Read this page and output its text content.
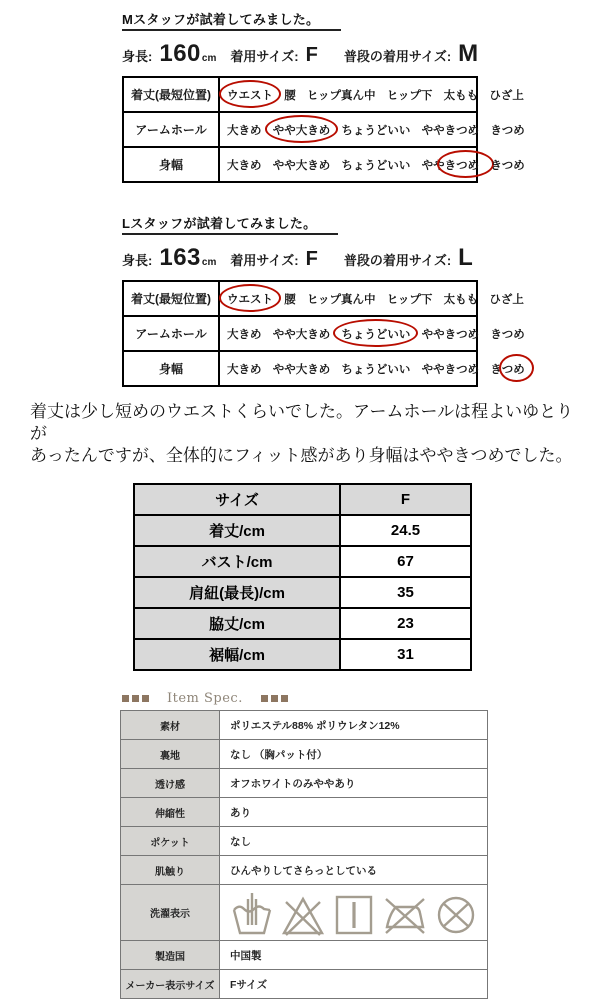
Mスタッフが試着してみました。
身長: 160 cm 着用サイズ: F 普段の着用サイズ: M
着丈(最短位置)	ウエスト 腰 ヒップ真ん中 ヒップ下 太もも ひざ上
アームホール	大きめ やや大きめ ちょうどいい ややきつめ きつめ
身幅	大きめ やや大きめ ちょうどいい ややきつめ きつめ
Lスタッフが試着してみました。
身長: 163 cm 着用サイズ: F 普段の着用サイズ: L
着丈(最短位置)	ウエスト 腰 ヒップ真ん中 ヒップ下 太もも ひざ上
アームホール	大きめ やや大きめ ちょうどいい ややきつめ きつめ
身幅	大きめ やや大きめ ちょうどいい ややきつめ きつめ
着丈は少し短めのウエストくらいでした。アームホールは程よいゆとりが
あったんですが、全体的にフィット感があり身幅はややきつめでした。
サイズ	F
着丈/cm	24.5
バスト/cm	67
肩紐(最長)/cm	35
脇丈/cm	23
裾幅/cm	31
Item Spec.
素材	ポリエステル88% ポリウレタン12%
裏地	なし （胸パット付）
透け感	オフホワイトのみややあり
伸縮性	あり
ポケット	なし
肌触り	ひんやりしてさらっとしている
洗濯表示	

製造国	中国製
メーカー表示サイズ	Fサイズ
